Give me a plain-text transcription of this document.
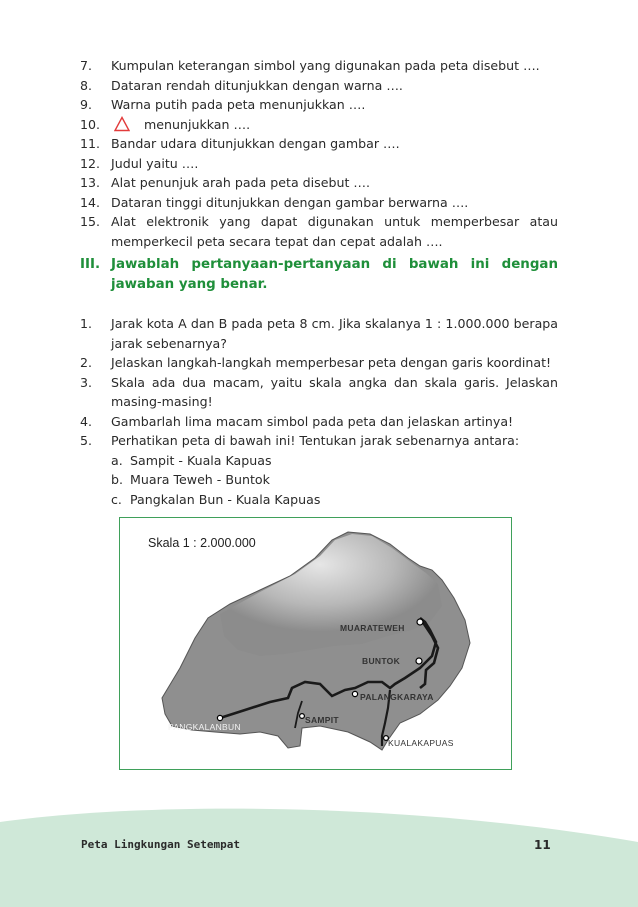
7.	Kumpulan keterangan simbol yang digunakan pada peta disebut ….
8.	Dataran rendah ditunjukkan dengan warna ….
9.	Warna putih pada peta menunjukkan ….
10.	menunjukkan ….
11. Bandar udara ditunjukkan dengan gambar ….
12. Judul yaitu ….
13. Alat penunjuk arah pada peta disebut ….
14. Dataran tinggi ditunjukkan dengan gambar berwarna ….
15. Alat elektronik yang dapat digunakan untuk memperbesar atau memperkecil peta secara tepat dan cepat adalah ….
III. Jawablah pertanyaan-pertanyaan di bawah ini dengan jawaban yang benar.
1.	Jarak kota A dan B pada peta 8 cm. Jika skalanya 1 : 1.000.000 berapa jarak sebenarnya?
2.	Jelaskan langkah-langkah memperbesar peta dengan garis koordinat!
3.	Skala ada dua macam, yaitu skala angka dan skala garis. Jelaskan masing-masing!
4.	Gambarlah lima macam simbol pada peta dan jelaskan artinya!
5.	Perhatikan peta di bawah ini! Tentukan jarak sebenarnya antara:
a. Sampit - Kuala Kapuas
b. Muara Teweh - Buntok
c. Pangkalan Bun - Kuala Kapuas
Skala 1 : 2.000.000
MUARATEWEH
BUNTOK
PALANGKARAYA
SAMPIT
PANGKALANBUN
KUALAKAPUAS
Peta Lingkungan Setempat	11
